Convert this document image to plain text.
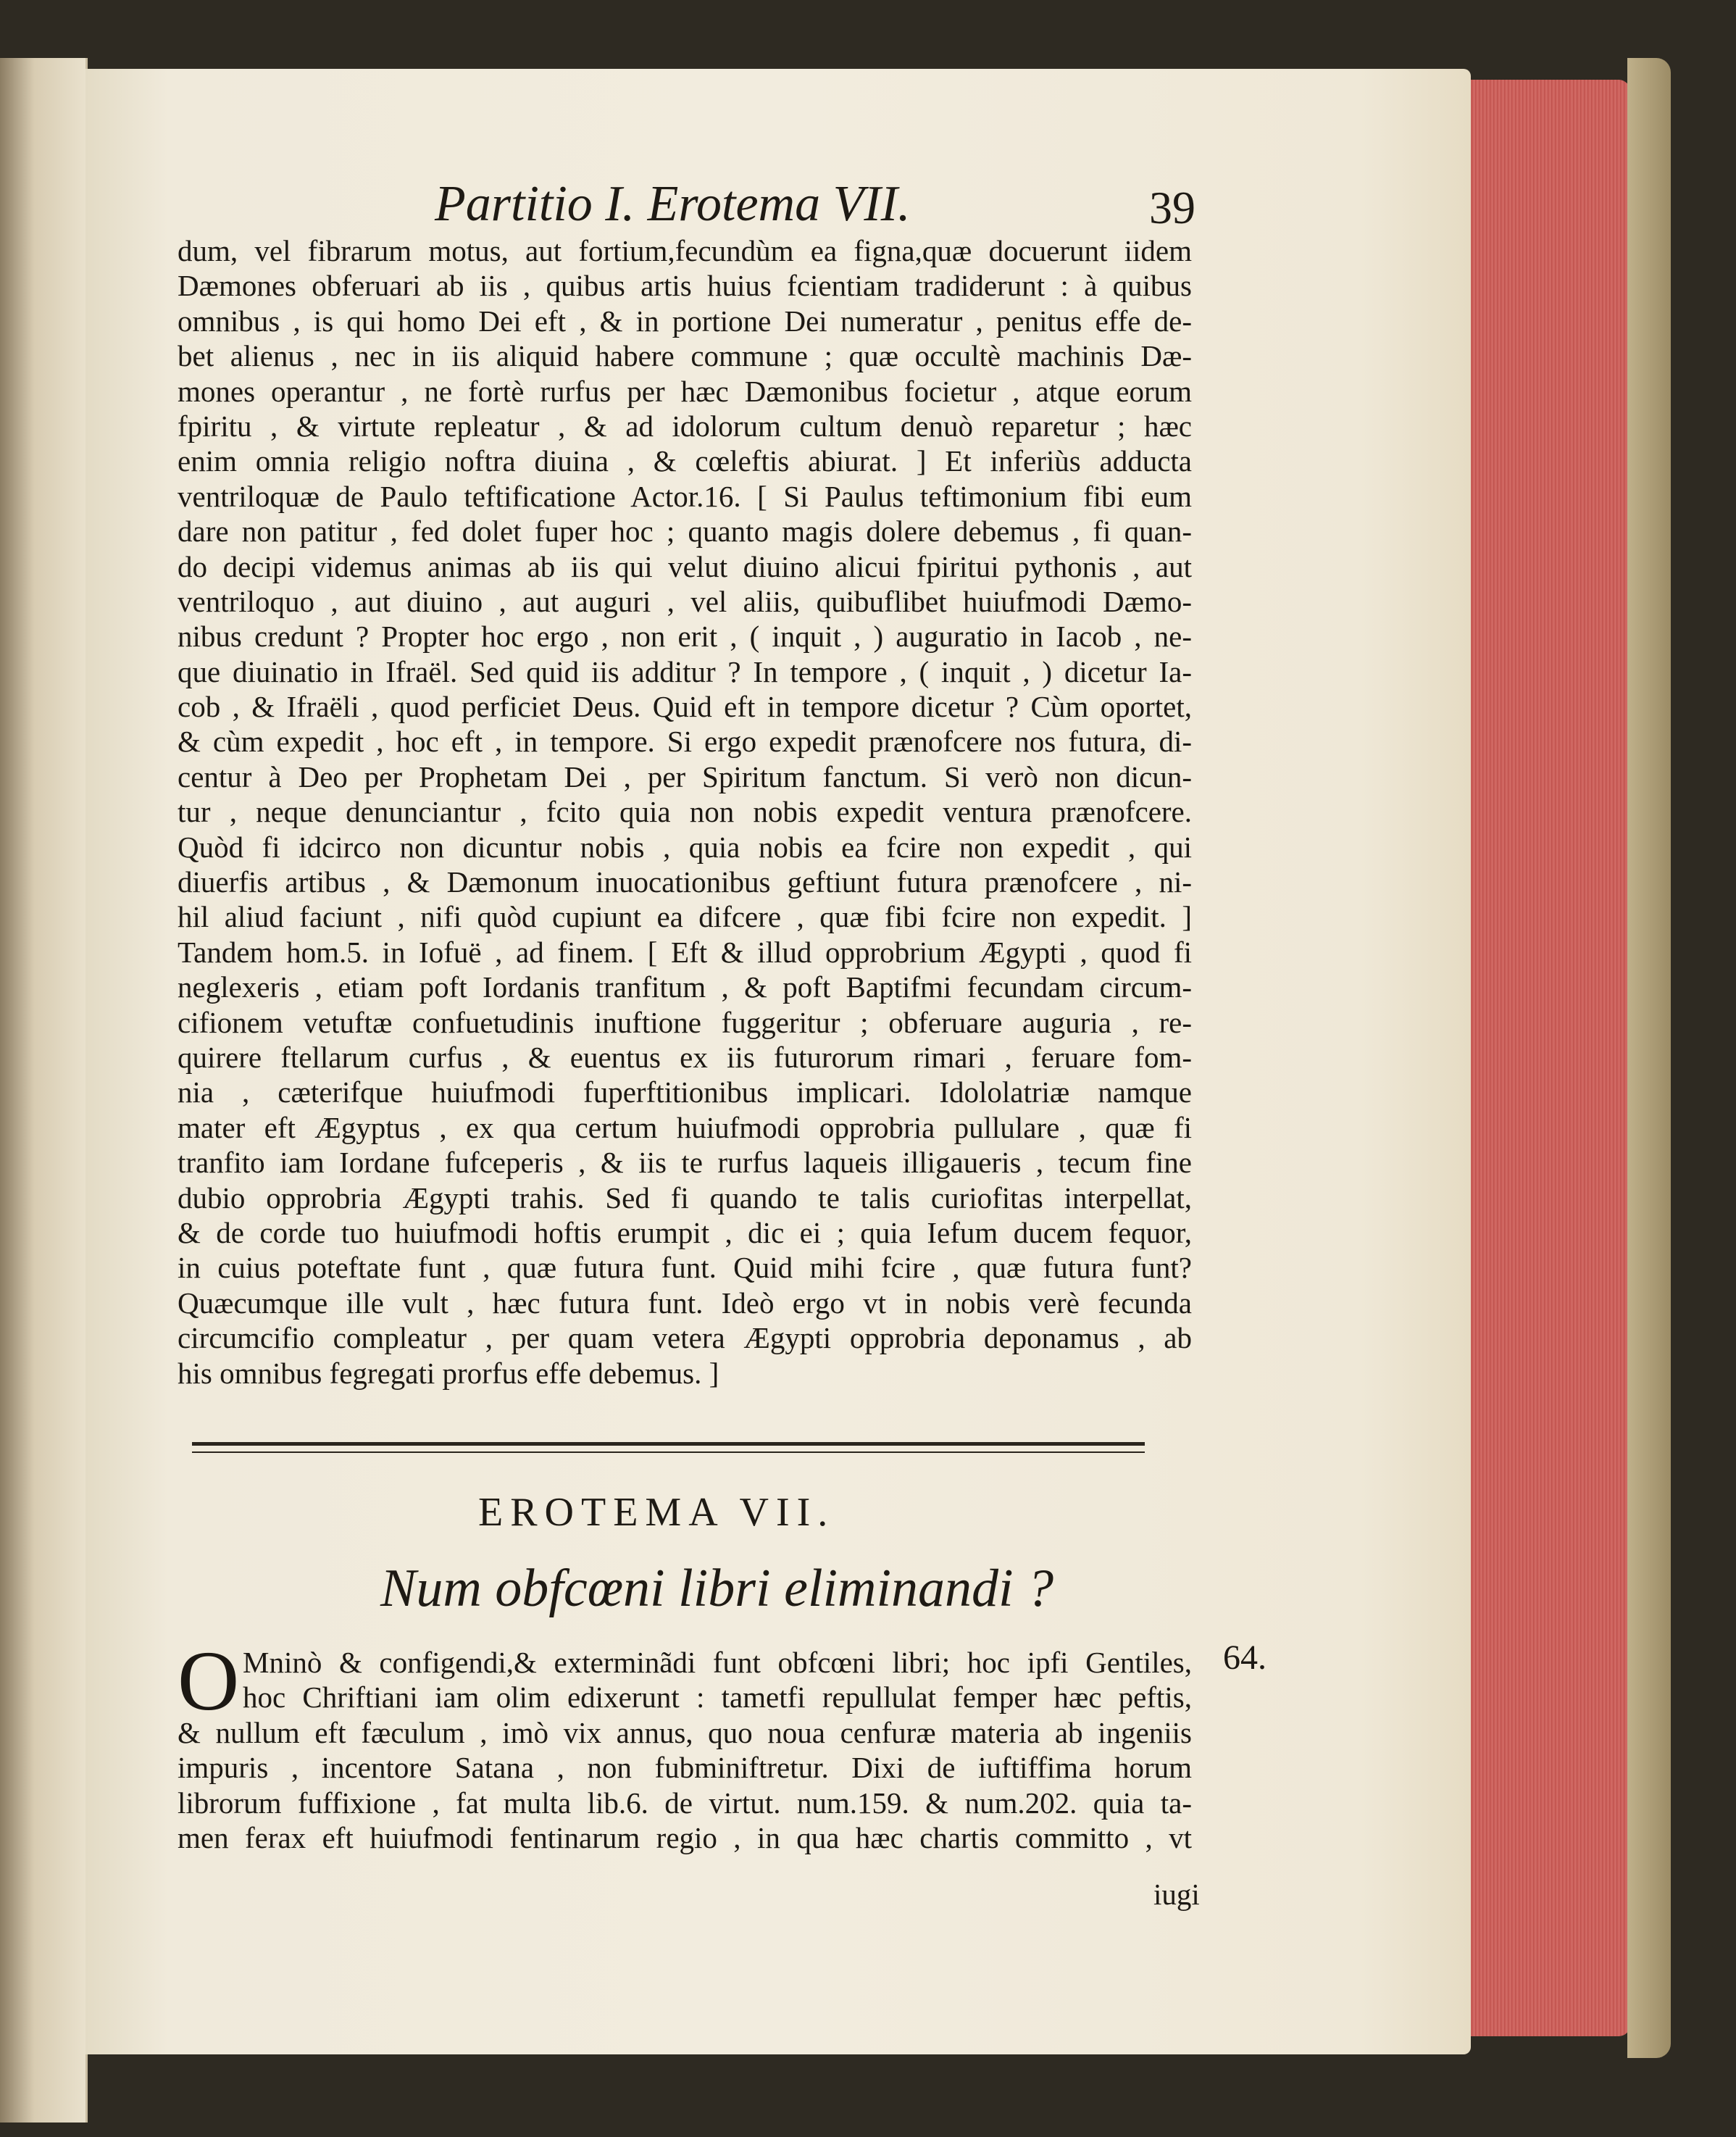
Partitio I. Erotema VII.	39
dum, vel fibrarum motus, aut fortium,fecundùm ea figna,quæ docuerunt iidem
Dæmones obferuari ab iis , quibus artis huius fcientiam tradiderunt : à quibus
omnibus , is qui homo Dei eft , & in portione Dei numeratur , penitus effe de-
bet alienus , nec in iis aliquid habere commune ; quæ occultè machinis Dæ-
mones operantur , ne fortè rurfus per hæc Dæmonibus focietur , atque eorum
fpiritu , & virtute repleatur , & ad idolorum cultum denuò reparetur ; hæc
enim omnia religio noftra diuina , & cœleftis abiurat. ] Et inferiùs adducta
ventriloquæ de Paulo teftificatione Actor.16. [ Si Paulus teftimonium fibi eum
dare non patitur , fed dolet fuper hoc ; quanto magis dolere debemus , fi quan-
do decipi videmus animas ab iis qui velut diuino alicui fpiritui pythonis , aut
ventriloquo , aut diuino , aut auguri , vel aliis, quibuflibet huiufmodi Dæmo-
nibus credunt ? Propter hoc ergo , non erit , ( inquit , ) auguratio in Iacob , ne-
que diuinatio in Ifraël. Sed quid iis additur ? In tempore , ( inquit , ) dicetur Ia-
cob , & Ifraëli , quod perficiet Deus. Quid eft in tempore dicetur ? Cùm oportet,
& cùm expedit , hoc eft , in tempore. Si ergo expedit prænofcere nos futura, di-
centur à Deo per Prophetam Dei , per Spiritum fanctum. Si verò non dicun-
tur , neque denunciantur , fcito quia non nobis expedit ventura prænofcere.
Quòd fi idcirco non dicuntur nobis , quia nobis ea fcire non expedit , qui
diuerfis artibus , & Dæmonum inuocationibus geftiunt futura prænofcere , ni-
hil aliud faciunt , nifi quòd cupiunt ea difcere , quæ fibi fcire non expedit. ]
Tandem hom.5. in Iofuë , ad finem. [ Eft & illud opprobrium Ægypti , quod fi
neglexeris , etiam poft Iordanis tranfitum , & poft Baptifmi fecundam circum-
cifionem vetuftæ confuetudinis inuftione fuggeritur ; obferuare auguria , re-
quirere ftellarum curfus , & euentus ex iis futurorum rimari , feruare fom-
nia , cæterifque huiufmodi fuperftitionibus implicari. Idololatriæ namque
mater eft Ægyptus , ex qua certum huiufmodi opprobria pullulare , quæ fi
tranfito iam Iordane fufceperis , & iis te rurfus laqueis illigaueris , tecum fine
dubio opprobria Ægypti trahis. Sed fi quando te talis curiofitas interpellat,
& de corde tuo huiufmodi hoftis erumpit , dic ei ; quia Iefum ducem fequor,
in cuius poteftate funt , quæ futura funt. Quid mihi fcire , quæ futura funt?
Quæcumque ille vult , hæc futura funt. Ideò ergo vt in nobis verè fecunda
circumcifio compleatur , per quam vetera Ægypti opprobria deponamus , ab
his omnibus fegregati prorfus effe debemus. ]
EROTEMA VII.
Num obfcœni libri eliminandi ?
O Mninò & configendi,& exterminãdi funt obfcœni libri; hoc ipfi Gentiles,
hoc Chriftiani iam olim edixerunt : tametfi repullulat femper hæc peftis,
& nullum eft fæculum , imò vix annus, quo noua cenfuræ materia ab ingeniis
impuris , incentore Satana , non fubminiftretur. Dixi de iuftiffima horum
librorum fuffixione , fat multa lib.6. de virtut. num.159. & num.202. quia ta-
men ferax eft huiufmodi fentinarum regio , in qua hæc chartis committo , vt
64.
iugi
